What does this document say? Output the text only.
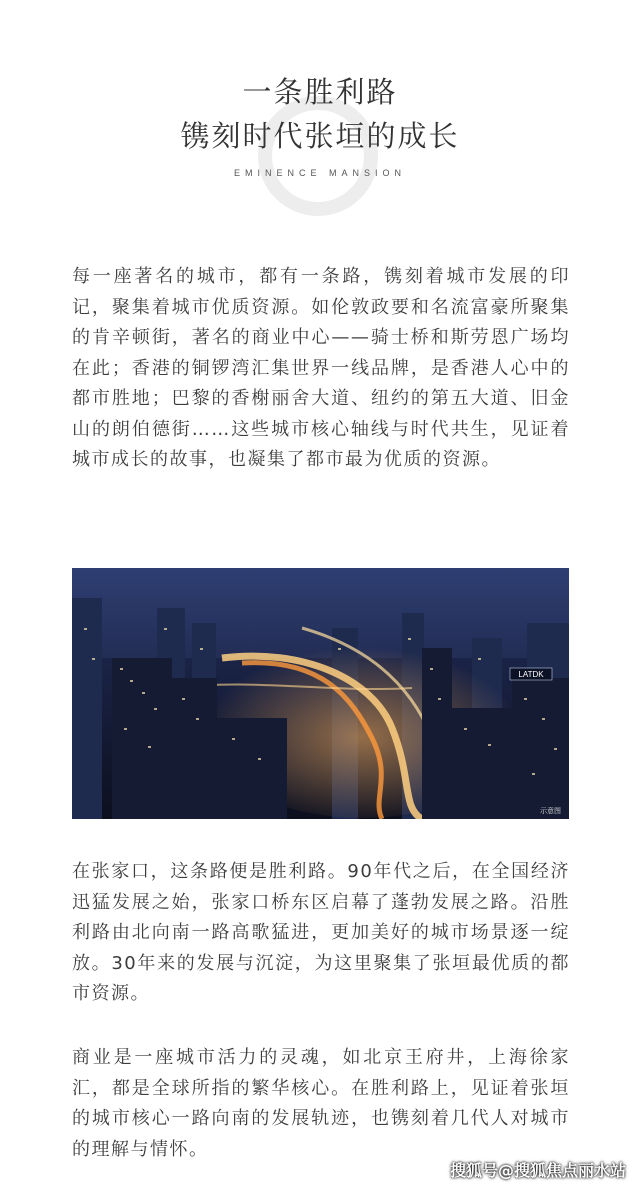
一条胜利路
镌刻时代张垣的成长
EMINENCE MANSION

每一座著名的城市，都有一条路，镌刻着城市发展的印记，聚集着城市优质资源。如伦敦政要和名流富豪所聚集的肯辛顿街，著名的商业中心——骑士桥和斯劳恩广场均在此；香港的铜锣湾汇集世界一线品牌，是香港人心中的都市胜地；巴黎的香榭丽舍大道、纽约的第五大道、旧金山的朗伯德街……这些城市核心轴线与时代共生，见证着城市成长的故事，也凝集了都市最为优质的资源。

LATDK
示意图

在张家口，这条路便是胜利路。90年代之后，在全国经济迅猛发展之始，张家口桥东区启幕了蓬勃发展之路。沿胜利路由北向南一路高歌猛进，更加美好的城市场景逐一绽放。30年来的发展与沉淀，为这里聚集了张垣最优质的都市资源。

商业是一座城市活力的灵魂，如北京王府井，上海徐家汇，都是全球所指的繁华核心。在胜利路上，见证着张垣的城市核心一路向南的发展轨迹，也镌刻着几代人对城市的理解与情怀。

搜狐号@搜狐焦点丽水站
